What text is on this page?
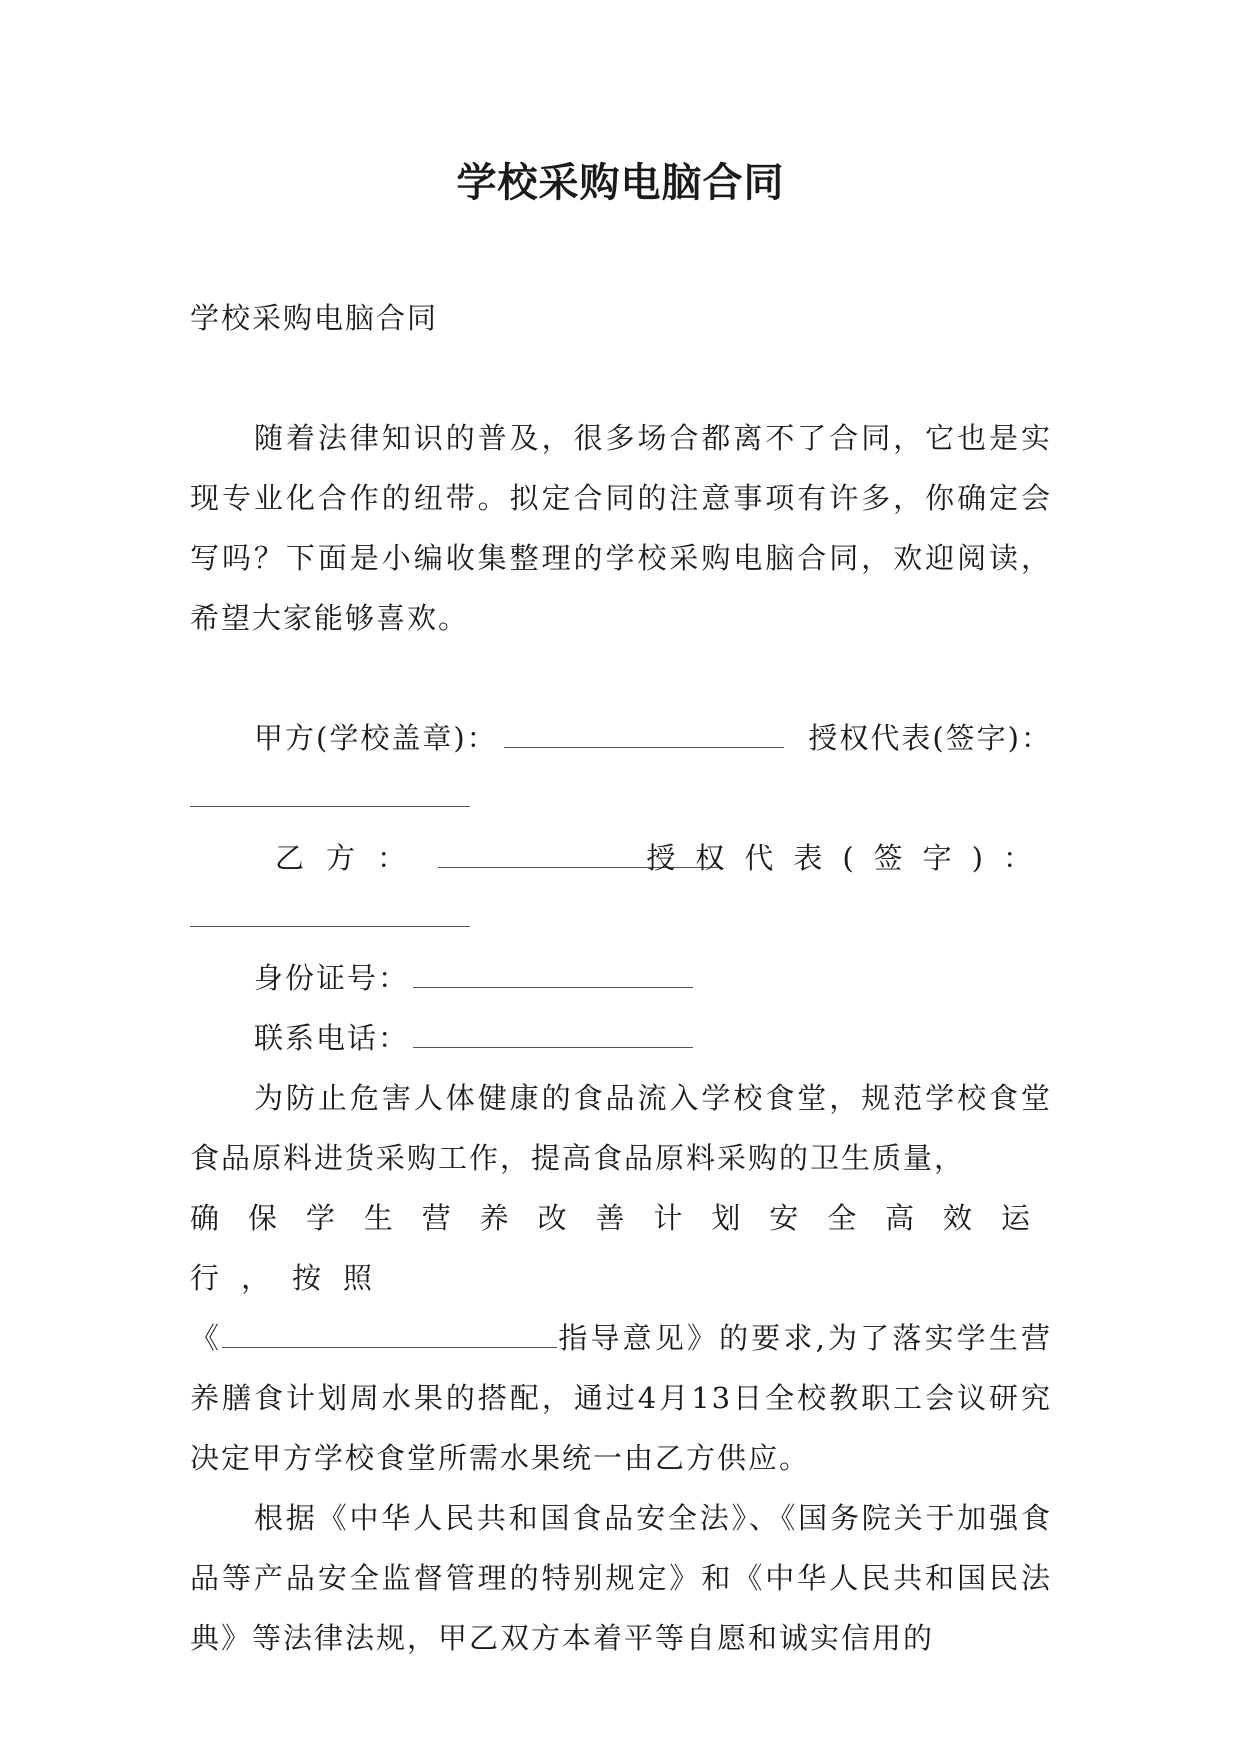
学校采购电脑合同

学校采购电脑合同

随着法律知识的普及，很多场合都离不了合同，它也是实现专业化合作的纽带。拟定合同的注意事项有许多，你确定会写吗？下面是小编收集整理的学校采购电脑合同，欢迎阅读，希望大家能够喜欢。

甲方(学校盖章)：	授权代表(签字)：
乙方：	授权代表(签字)：
身份证号：
联系电话：

为防止危害人体健康的食品流入学校食堂，规范学校食堂食品原料进货采购工作，提高食品原料采购的卫生质量，

确保学生营养改善计划安全高效运行，按照

《	指导意见》的要求,为了落实学生营养膳食计划周水果的搭配，通过4月13日全校教职工会议研究决定甲方学校食堂所需水果统一由乙方供应。

根据《中华人民共和国食品安全法》、《国务院关于加强食品等产品安全监督管理的特别规定》和《中华人民共和国民法典》等法律法规，甲乙双方本着平等自愿和诚实信用的
